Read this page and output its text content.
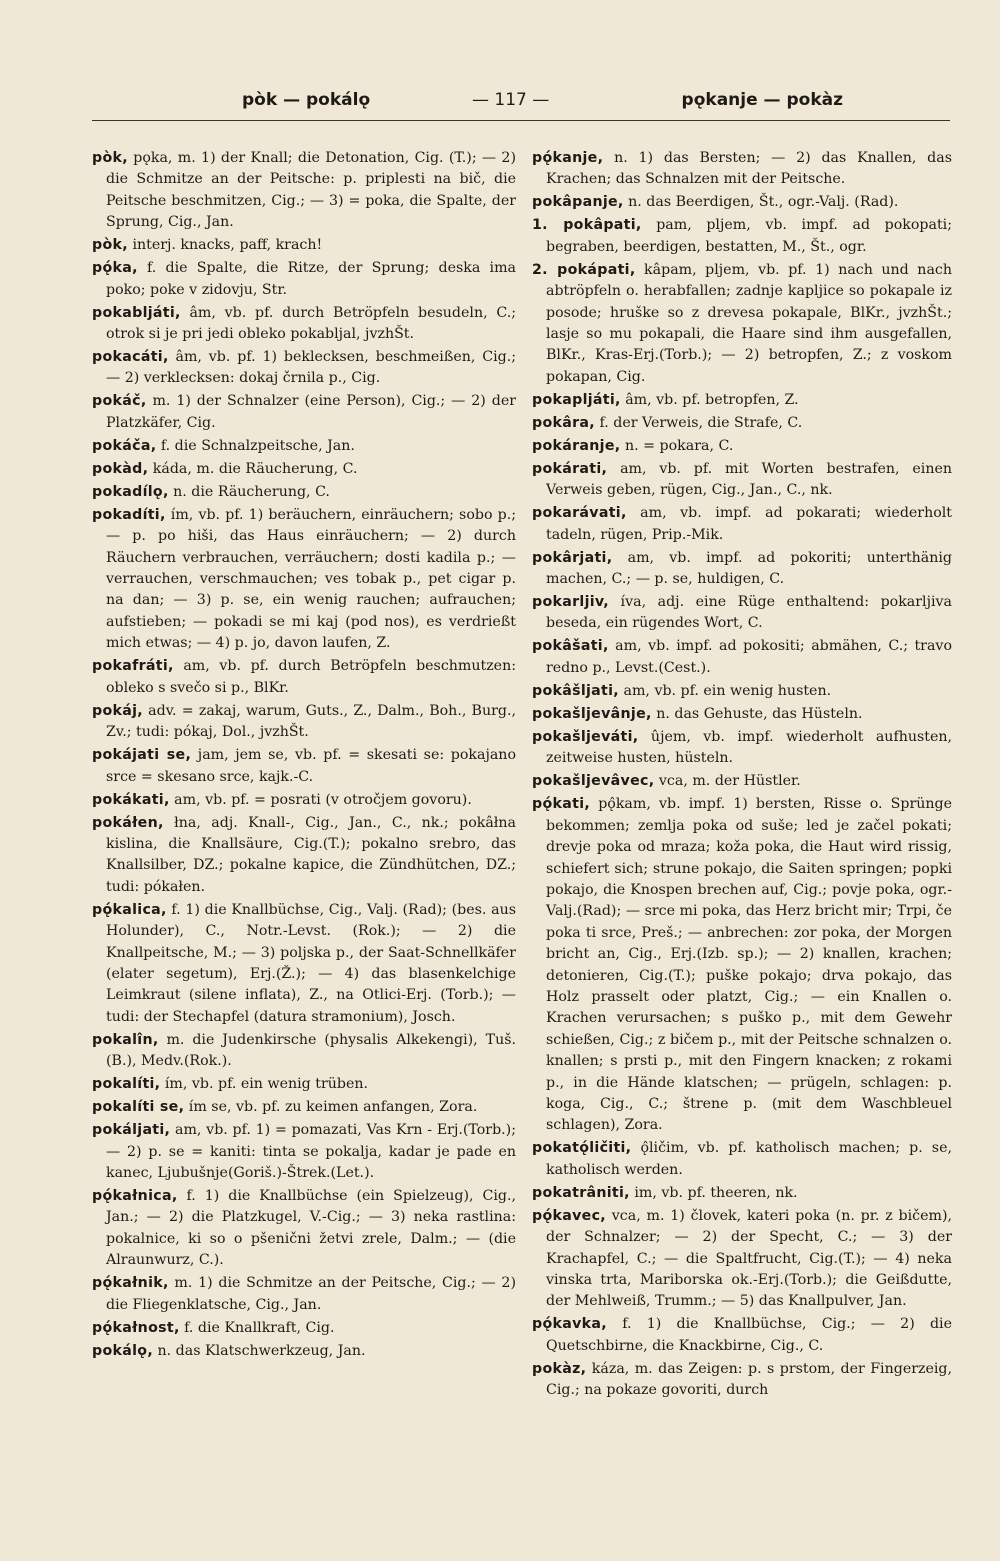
pòk — pokálǫ	— 117 —	pǫkanje — pokàz

pòk, pǫka, m. 1) der Knall; die Detonation, Cig. (T.); — 2) die Schmitze an der Peitsche: p. priplesti na bič, die Peitsche beschmitzen, Cig.; — 3) = poka, die Spalte, der Sprung, Cig., Jan.

pòk, interj. knacks, paff, krach!

pǫ́ka, f. die Spalte, die Ritze, der Sprung; deska ima poko; poke v zidovju, Str.

pokabljáti, âm, vb. pf. durch Betröpfeln besudeln, C.; otrok si je pri jedi obleko pokabljal, jvzhŠt.

pokacáti, âm, vb. pf. 1) beklecksen, beschmeißen, Cig.; — 2) verklecksen: dokaj črnila p., Cig.

pokáč, m. 1) der Schnalzer (eine Person), Cig.; — 2) der Platzkäfer, Cig.

pokáča, f. die Schnalzpeitsche, Jan.

pokàd, káda, m. die Räucherung, C.

pokadílǫ, n. die Räucherung, C.

pokadíti, ím, vb. pf. 1) beräuchern, einräuchern; sobo p.; — p. po hiši, das Haus einräuchern; — 2) durch Räuchern verbrauchen, verräuchern; dosti kadila p.; — verrauchen, verschmauchen; ves tobak p., pet cigar p. na dan; — 3) p. se, ein wenig rauchen; aufrauchen; aufstieben; — pokadi se mi kaj (pod nos), es verdrießt mich etwas; — 4) p. jo, davon laufen, Z.

pokafráti, am, vb. pf. durch Betröpfeln beschmutzen: obleko s svečo si p., BlKr.

pokáj, adv. = zakaj, warum, Guts., Z., Dalm., Boh., Burg., Zv.; tudi: pókaj, Dol., jvzhŠt.

pokájati se, jam, jem se, vb. pf. = skesati se: pokajano srce = skesano srce, kajk.-C.

pokákati, am, vb. pf. = posrati (v otročjem govoru).

pokáłen, łna, adj. Knall-, Cig., Jan., C., nk.; pokâłna kislina, die Knallsäure, Cig.(T.); pokalno srebro, das Knallsilber, DZ.; pokalne kapice, die Zündhütchen, DZ.; tudi: pókałen.

pǫ́kalica, f. 1) die Knallbüchse, Cig., Valj. (Rad); (bes. aus Holunder), C., Notr.-Levst. (Rok.); — 2) die Knallpeitsche, M.; — 3) poljska p., der Saat-Schnellkäfer (elater segetum), Erj.(Ž.); — 4) das blasenkelchige Leimkraut (silene inflata), Z., na Otlici-Erj. (Torb.); — tudi: der Stechapfel (datura stramonium), Josch.

pokalîn, m. die Judenkirsche (physalis Alkekengi), Tuš.(B.), Medv.(Rok.).

pokalíti, ím, vb. pf. ein wenig trüben.

pokalíti se, ím se, vb. pf. zu keimen anfangen, Zora.

pokáljati, am, vb. pf. 1) = pomazati, Vas Krn - Erj.(Torb.); — 2) p. se = kaniti: tinta se pokalja, kadar je pade en kanec, Ljubušnje(Goriš.)-Štrek.(Let.).

pǫ́kałnica, f. 1) die Knallbüchse (ein Spielzeug), Cig., Jan.; — 2) die Platzkugel, V.-Cig.; — 3) neka rastlina: pokalnice, ki so o pšenični žetvi zrele, Dalm.; — (die Alraunwurz, C.).

pǫ́kałnik, m. 1) die Schmitze an der Peitsche, Cig.; — 2) die Fliegenklatsche, Cig., Jan.

pǫ́kałnost, f. die Knallkraft, Cig.

pokálǫ, n. das Klatschwerkzeug, Jan.

pǫ́kanje, n. 1) das Bersten; — 2) das Knallen, das Krachen; das Schnalzen mit der Peitsche.

pokâpanje, n. das Beerdigen, Št., ogr.-Valj. (Rad).

1. pokâpati, pam, pljem, vb. impf. ad pokopati; begraben, beerdigen, bestatten, M., Št., ogr.

2. pokápati, kâpam, pljem, vb. pf. 1) nach und nach abtröpfeln o. herabfallen; zadnje kapljice so pokapale iz posode; hruške so z drevesa pokapale, BlKr., jvzhŠt.; lasje so mu pokapali, die Haare sind ihm ausgefallen, BlKr., Kras-Erj.(Torb.); — 2) betropfen, Z.; z voskom pokapan, Cig.

pokapljáti, âm, vb. pf. betropfen, Z.

pokâra, f. der Verweis, die Strafe, C.

pokáranje, n. = pokara, C.

pokárati, am, vb. pf. mit Worten bestrafen, einen Verweis geben, rügen, Cig., Jan., C., nk.

pokarávati, am, vb. impf. ad pokarati; wiederholt tadeln, rügen, Prip.-Mik.

pokârjati, am, vb. impf. ad pokoriti; unterthänig machen, C.; — p. se, huldigen, C.

pokarljiv, íva, adj. eine Rüge enthaltend: pokarljiva beseda, ein rügendes Wort, C.

pokâšati, am, vb. impf. ad pokositi; abmähen, C.; travo redno p., Levst.(Cest.).

pokâšljati, am, vb. pf. ein wenig husten.

pokašljevânje, n. das Gehuste, das Hüsteln.

pokašljeváti, ûjem, vb. impf. wiederholt aufhusten, zeitweise husten, hüsteln.

pokašljevâvec, vca, m. der Hüstler.

pǫ́kati, pǫ̂kam, vb. impf. 1) bersten, Risse o. Sprünge bekommen; zemlja poka od suše; led je začel pokati; drevje poka od mraza; koža poka, die Haut wird rissig, schiefert sich; strune pokajo, die Saiten springen; popki pokajo, die Knospen brechen auf, Cig.; povje poka, ogr.-Valj.(Rad); — srce mi poka, das Herz bricht mir; Trpi, če poka ti srce, Preš.; — anbrechen: zor poka, der Morgen bricht an, Cig., Erj.(Izb. sp.); — 2) knallen, krachen; detonieren, Cig.(T.); puške pokajo; drva pokajo, das Holz prasselt oder platzt, Cig.; — ein Knallen o. Krachen verursachen; s puško p., mit dem Gewehr schießen, Cig.; z bičem p., mit der Peitsche schnalzen o. knallen; s prsti p., mit den Fingern knacken; z rokami p., in die Hände klatschen; — prügeln, schlagen: p. koga, Cig., C.; štrene p. (mit dem Waschbleuel schlagen), Zora.

pokatǫ́ličiti, ǫ̂ličim, vb. pf. katholisch machen; p. se, katholisch werden.

pokatrâniti, im, vb. pf. theeren, nk.

pǫ́kavec, vca, m. 1) človek, kateri poka (n. pr. z bičem), der Schnalzer; — 2) der Specht, C.; — 3) der Krachapfel, C.; — die Spaltfrucht, Cig.(T.); — 4) neka vinska trta, Mariborska ok.-Erj.(Torb.); die Geißdutte, der Mehlweiß, Trumm.; — 5) das Knallpulver, Jan.

pǫ́kavka, f. 1) die Knallbüchse, Cig.; — 2) die Quetschbirne, die Knackbirne, Cig., C.

pokàz, káza, m. das Zeigen: p. s prstom, der Fingerzeig, Cig.; na pokaze govoriti, durch
